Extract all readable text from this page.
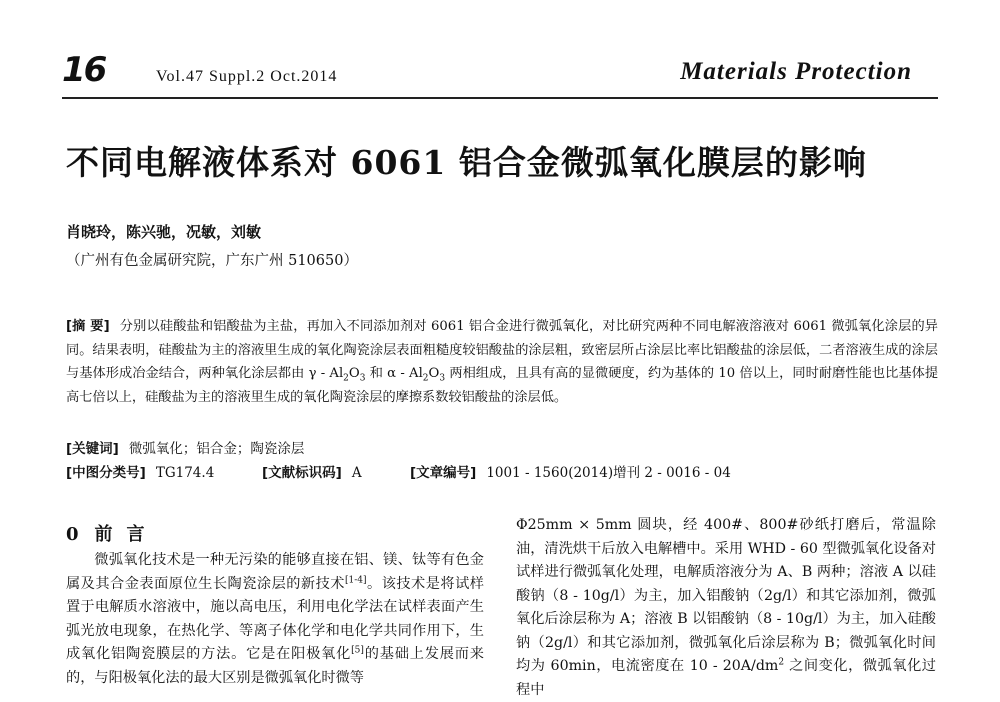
16	Vol.47 Suppl.2 Oct.2014	Materials Protection
不同电解液体系对 6061 铝合金微弧氧化膜层的影响
肖晓玲，陈兴驰，况敏，刘敏
（广州有色金属研究院，广东广州 510650）
[摘 要] 分别以硅酸盐和铝酸盐为主盐，再加入不同添加剂对 6061 铝合金进行微弧氧化，对比研究两种不同电解液溶液对 6061 微弧氧化涂层的异同。结果表明，硅酸盐为主的溶液里生成的氧化陶瓷涂层表面粗糙度较铝酸盐的涂层粗，致密层所占涂层比率比铝酸盐的涂层低，二者溶液生成的涂层与基体形成冶金结合，两种氧化涂层都由 γ - $Al_2O_3$ 和 α - $Al_2O_3$ 两相组成，且具有高的显微硬度，约为基体的 10 倍以上，同时耐磨性能也比基体提高七倍以上，硅酸盐为主的溶液里生成的氧化陶瓷涂层的摩擦系数较铝酸盐的涂层低。
[关键词] 微弧氧化；铝合金；陶瓷涂层
[中图分类号] TG174.4	[文献标识码] A	[文章编号] 1001 - 1560(2014)增刊 2 - 0016 - 04
0 前言
微弧氧化技术是一种无污染的能够直接在铝、镁、钛等有色金属及其合金表面原位生长陶瓷涂层的新技术[1-4]。该技术是将试样置于电解质水溶液中，施以高电压，利用电化学法在试样表面产生弧光放电现象，在热化学、等离子体化学和电化学共同作用下，生成氧化铝陶瓷膜层的方法。它是在阳极氧化[5]的基础上发展而来的，与阳极氧化法的最大区别是微弧氧化时微等
Φ25mm × 5mm 圆块，经 400#、800#砂纸打磨后，常温除油，清洗烘干后放入电解槽中。采用 WHD - 60 型微弧氧化设备对试样进行微弧氧化处理，电解质溶液分为 A、B 两种；溶液 A 以硅酸钠（8 - 10g/l）为主，加入铝酸钠（2g/l）和其它添加剂，微弧氧化后涂层称为 A；溶液 B 以铝酸钠（8 - 10g/l）为主，加入硅酸钠（2g/l）和其它添加剂，微弧氧化后涂层称为 B；微弧氧化时间均为 60min，电流密度在 $10 - 20A/dm^2$ 之间变化，微弧氧化过程中
